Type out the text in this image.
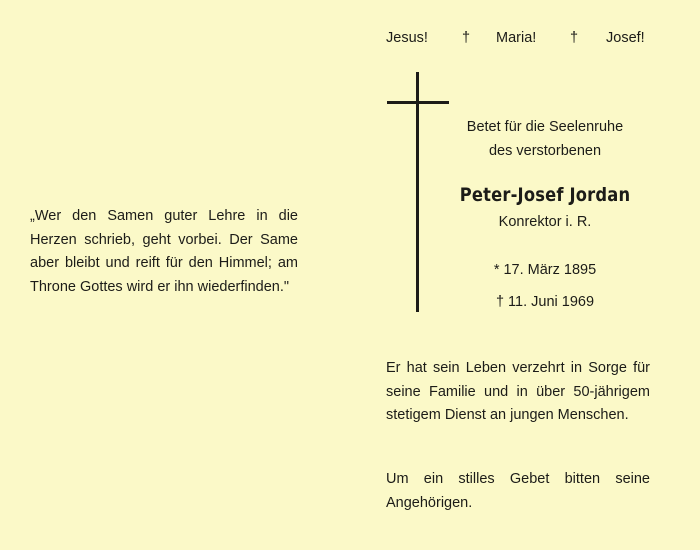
„Wer den Samen guter Lehre in die Herzen schrieb, geht vorbei. Der Same aber bleibt und reift für den Himmel; am Throne Gottes wird er ihn wiederfinden."
Jesus! † Maria! † Josef!
Betet für die Seelenruhe
des verstorbenen
Peter-Josef Jordan
Konrektor i. R.
* 17. März 1895
† 11. Juni 1969
Er hat sein Leben verzehrt in Sorge für seine Familie und in über 50-jährigem stetigem Dienst an jungen Menschen.
Um ein stilles Gebet bitten seine Angehörigen.
